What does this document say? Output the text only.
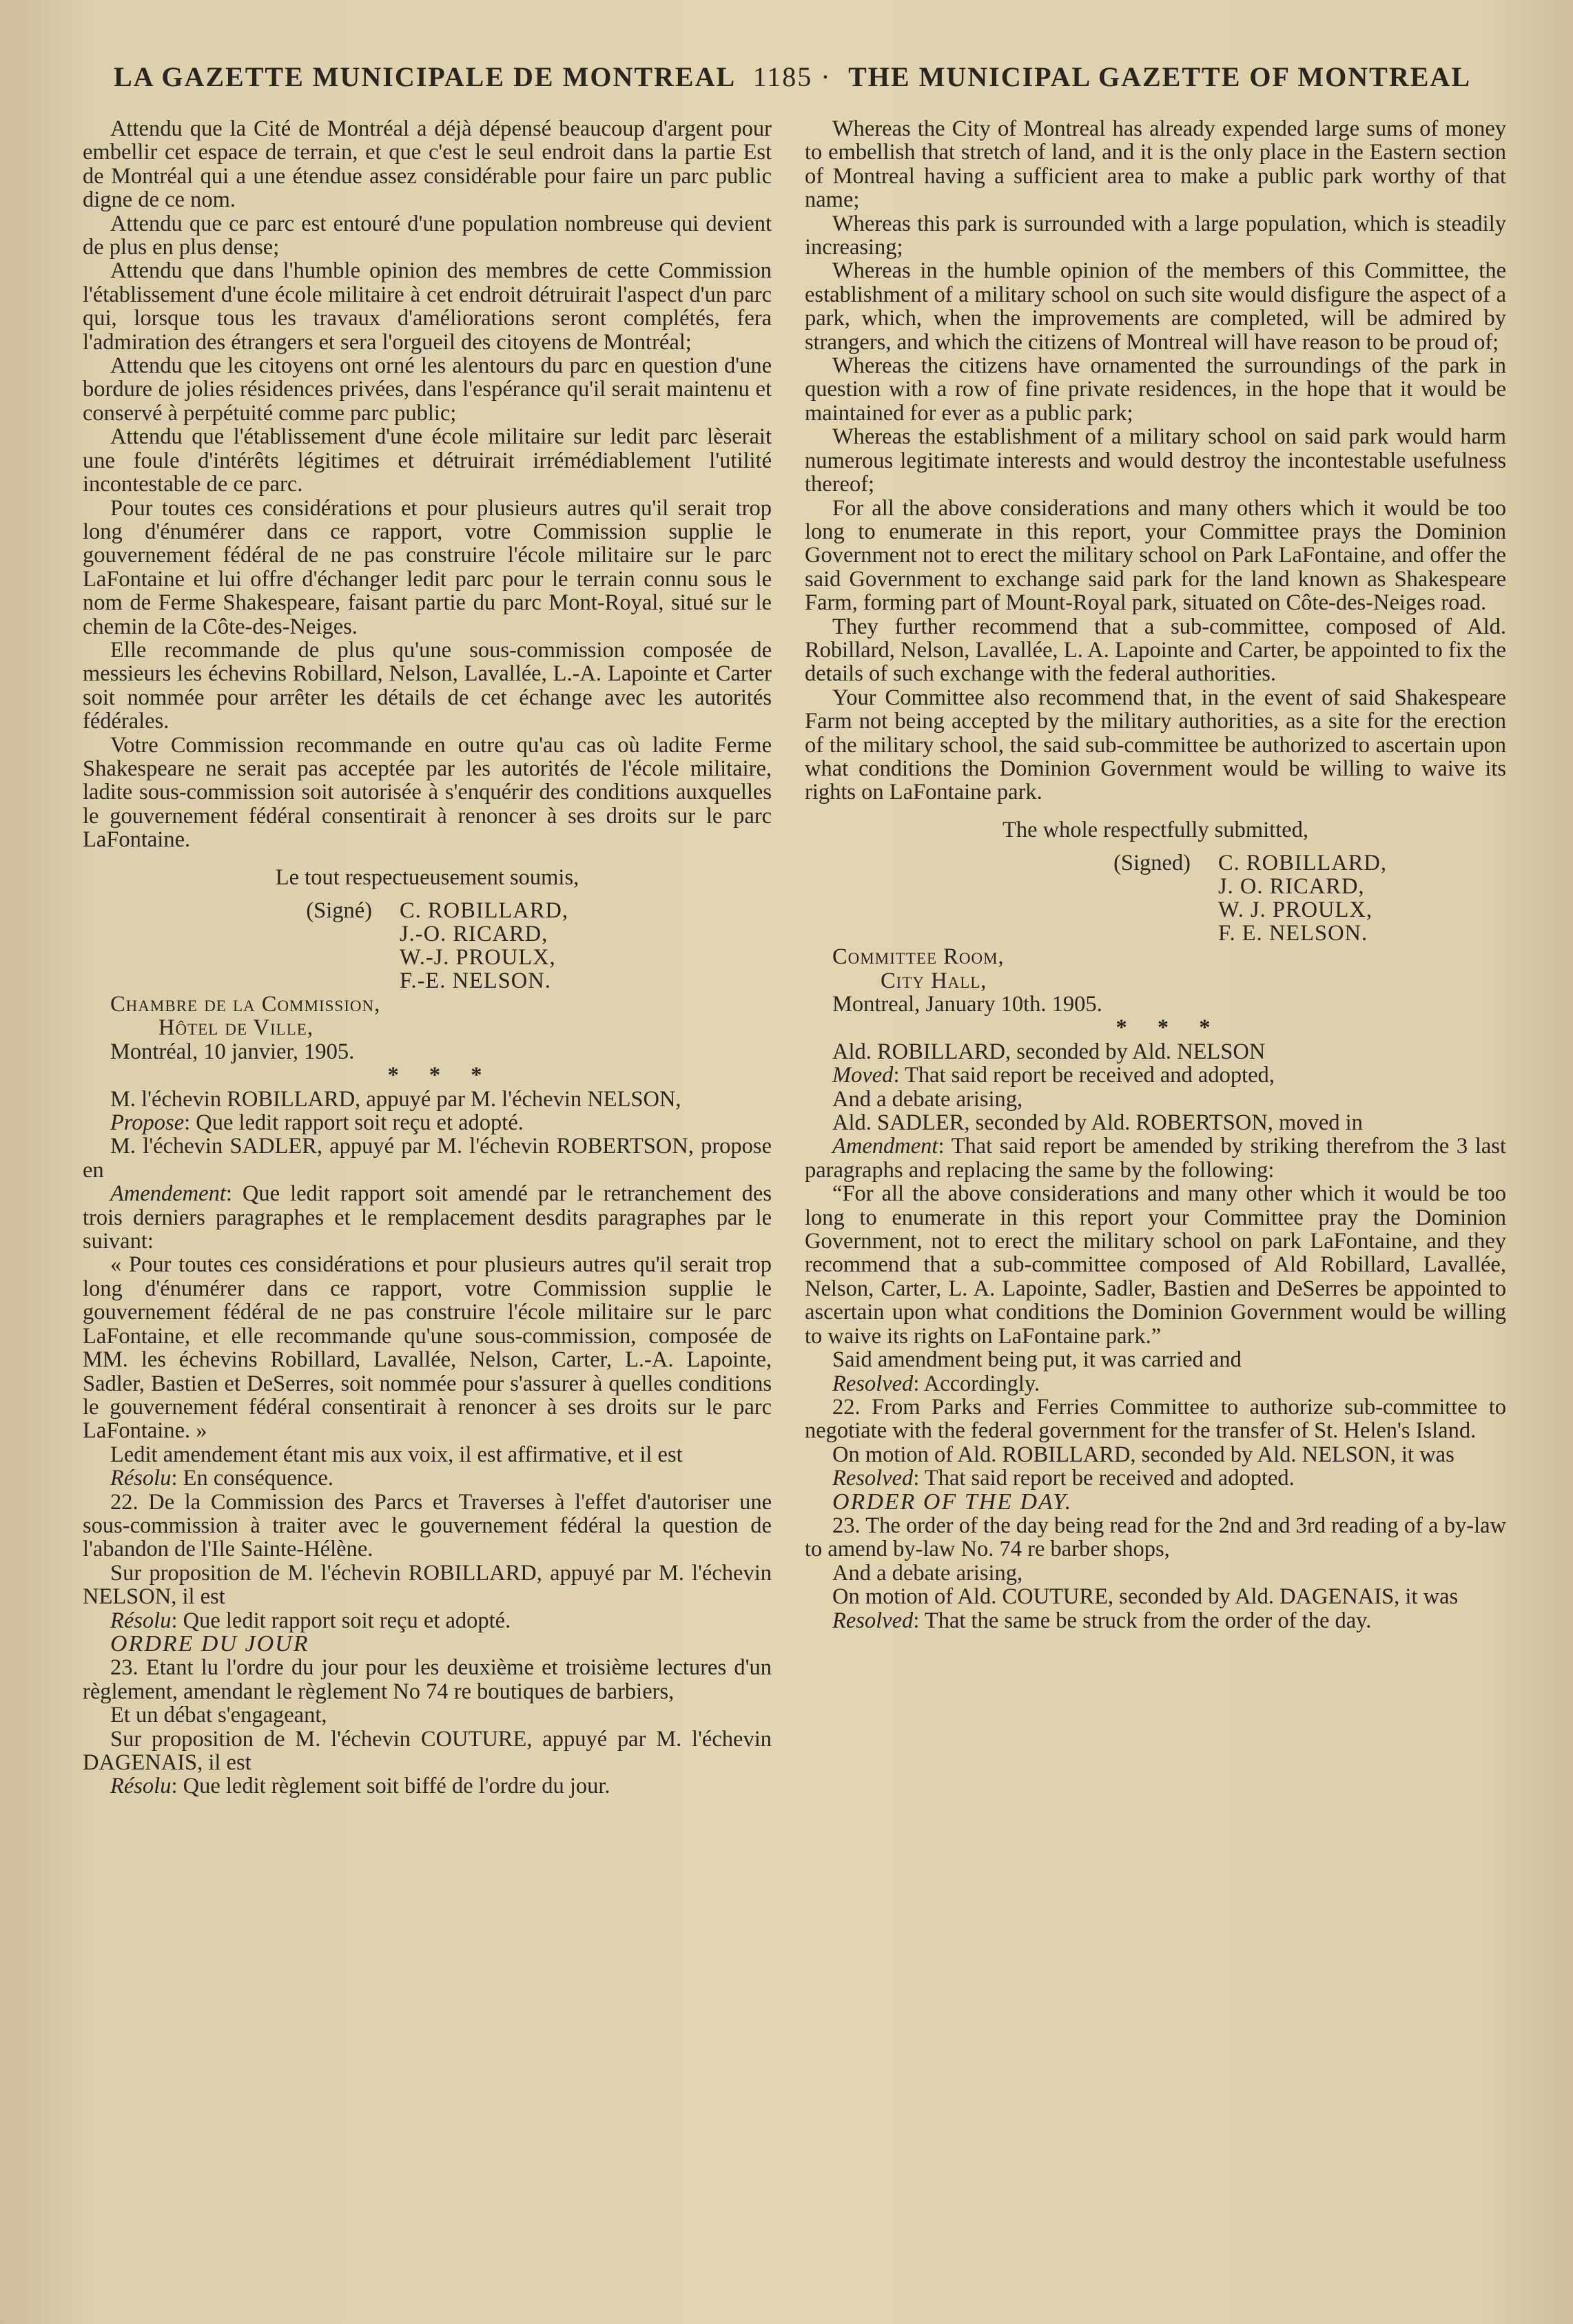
LA GAZETTE MUNICIPALE DE MONTREAL 1185 · THE MUNICIPAL GAZETTE OF MONTREAL

Attendu que la Cité de Montréal a déjà dépensé beaucoup d'argent pour embellir cet espace de terrain, et que c'est le seul endroit dans la partie Est de Montréal qui a une étendue assez considérable pour faire un parc public digne de ce nom.

Attendu que ce parc est entouré d'une population nombreuse qui devient de plus en plus dense;

Attendu que dans l'humble opinion des membres de cette Commission l'établissement d'une école militaire à cet endroit détruirait l'aspect d'un parc qui, lorsque tous les travaux d'améliorations seront complétés, fera l'admiration des étrangers et sera l'orgueil des citoyens de Montréal;

Attendu que les citoyens ont orné les alentours du parc en question d'une bordure de jolies résidences privées, dans l'espérance qu'il serait maintenu et conservé à perpétuité comme parc public;

Attendu que l'établissement d'une école militaire sur ledit parc lèserait une foule d'intérêts légitimes et détruirait irrémédiablement l'utilité incontestable de ce parc.

Pour toutes ces considérations et pour plusieurs autres qu'il serait trop long d'énumérer dans ce rapport, votre Commission supplie le gouvernement fédéral de ne pas construire l'école militaire sur le parc LaFontaine et lui offre d'échanger ledit parc pour le terrain connu sous le nom de Ferme Shakespeare, faisant partie du parc Mont-Royal, situé sur le chemin de la Côte-des-Neiges.

Elle recommande de plus qu'une sous-commission composée de messieurs les échevins Robillard, Nelson, Lavallée, L.-A. Lapointe et Carter soit nommée pour arrêter les détails de cet échange avec les autorités fédérales.

Votre Commission recommande en outre qu'au cas où ladite Ferme Shakespeare ne serait pas acceptée par les autorités de l'école militaire, ladite sous-commission soit autorisée à s'enquérir des conditions auxquelles le gouvernement fédéral consentirait à renoncer à ses droits sur le parc LaFontaine.

Le tout respectueusement soumis,

(Signé)	C. ROBILLARD,
J.-O. RICARD,
W.-J. PROULX,
F.-E. NELSON.

Chambre de la Commission,

Hôtel de Ville,

Montréal, 10 janvier, 1905.

* * *

M. l'échevin ROBILLARD, appuyé par M. l'échevin NELSON,

Propose: Que ledit rapport soit reçu et adopté.

M. l'échevin SADLER, appuyé par M. l'échevin ROBERTSON, propose en

Amendement: Que ledit rapport soit amendé par le retranchement des trois derniers paragraphes et le remplacement desdits paragraphes par le suivant:

« Pour toutes ces considérations et pour plusieurs autres qu'il serait trop long d'énumérer dans ce rapport, votre Commission supplie le gouvernement fédéral de ne pas construire l'école militaire sur le parc LaFontaine, et elle recommande qu'une sous-commission, composée de MM. les échevins Robillard, Lavallée, Nelson, Carter, L.-A. Lapointe, Sadler, Bastien et DeSerres, soit nommée pour s'assurer à quelles conditions le gouvernement fédéral consentirait à renoncer à ses droits sur le parc LaFontaine. »

Ledit amendement étant mis aux voix, il est affirmative, et il est

Résolu: En conséquence.

22. De la Commission des Parcs et Traverses à l'effet d'autoriser une sous-commission à traiter avec le gouvernement fédéral la question de l'abandon de l'Ile Sainte-Hélène.

Sur proposition de M. l'échevin ROBILLARD, appuyé par M. l'échevin NELSON, il est

Résolu: Que ledit rapport soit reçu et adopté.

ORDRE DU JOUR

23. Etant lu l'ordre du jour pour les deuxième et troisième lectures d'un règlement, amendant le règlement No 74 re boutiques de barbiers,

Et un débat s'engageant,

Sur proposition de M. l'échevin COUTURE, appuyé par M. l'échevin DAGENAIS, il est

Résolu: Que ledit règlement soit biffé de l'ordre du jour.

Whereas the City of Montreal has already expended large sums of money to embellish that stretch of land, and it is the only place in the Eastern section of Montreal having a sufficient area to make a public park worthy of that name;

Whereas this park is surrounded with a large population, which is steadily increasing;

Whereas in the humble opinion of the members of this Committee, the establishment of a military school on such site would disfigure the aspect of a park, which, when the improvements are completed, will be admired by strangers, and which the citizens of Montreal will have reason to be proud of;

Whereas the citizens have ornamented the surroundings of the park in question with a row of fine private residences, in the hope that it would be maintained for ever as a public park;

Whereas the establishment of a military school on said park would harm numerous legitimate interests and would destroy the incontestable usefulness thereof;

For all the above considerations and many others which it would be too long to enumerate in this report, your Committee prays the Dominion Government not to erect the military school on Park LaFontaine, and offer the said Government to exchange said park for the land known as Shakespeare Farm, forming part of Mount-Royal park, situated on Côte-des-Neiges road.

They further recommend that a sub-committee, composed of Ald. Robillard, Nelson, Lavallée, L. A. Lapointe and Carter, be appointed to fix the details of such exchange with the federal authorities.

Your Committee also recommend that, in the event of said Shakespeare Farm not being accepted by the military authorities, as a site for the erection of the military school, the said sub-committee be authorized to ascertain upon what conditions the Dominion Government would be willing to waive its rights on LaFontaine park.

The whole respectfully submitted,

(Signed)	C. ROBILLARD,
J. O. RICARD,
W. J. PROULX,
F. E. NELSON.

Committee Room,

City Hall,

Montreal, January 10th. 1905.

* * *

Ald. ROBILLARD, seconded by Ald. NELSON

Moved: That said report be received and adopted,

And a debate arising,

Ald. SADLER, seconded by Ald. ROBERTSON, moved in

Amendment: That said report be amended by striking therefrom the 3 last paragraphs and replacing the same by the following:

“For all the above considerations and many other which it would be too long to enumerate in this report your Committee pray the Dominion Government, not to erect the military school on park LaFontaine, and they recommend that a sub-committee composed of Ald Robillard, Lavallée, Nelson, Carter, L. A. Lapointe, Sadler, Bastien and DeSerres be appointed to ascertain upon what conditions the Dominion Government would be willing to waive its rights on LaFontaine park.”

Said amendment being put, it was carried and

Resolved: Accordingly.

22. From Parks and Ferries Committee to authorize sub-committee to negotiate with the federal government for the transfer of St. Helen's Island.

On motion of Ald. ROBILLARD, seconded by Ald. NELSON, it was

Resolved: That said report be received and adopted.

ORDER OF THE DAY.

23. The order of the day being read for the 2nd and 3rd reading of a by-law to amend by-law No. 74 re barber shops,

And a debate arising,

On motion of Ald. COUTURE, seconded by Ald. DAGENAIS, it was

Resolved: That the same be struck from the order of the day.
